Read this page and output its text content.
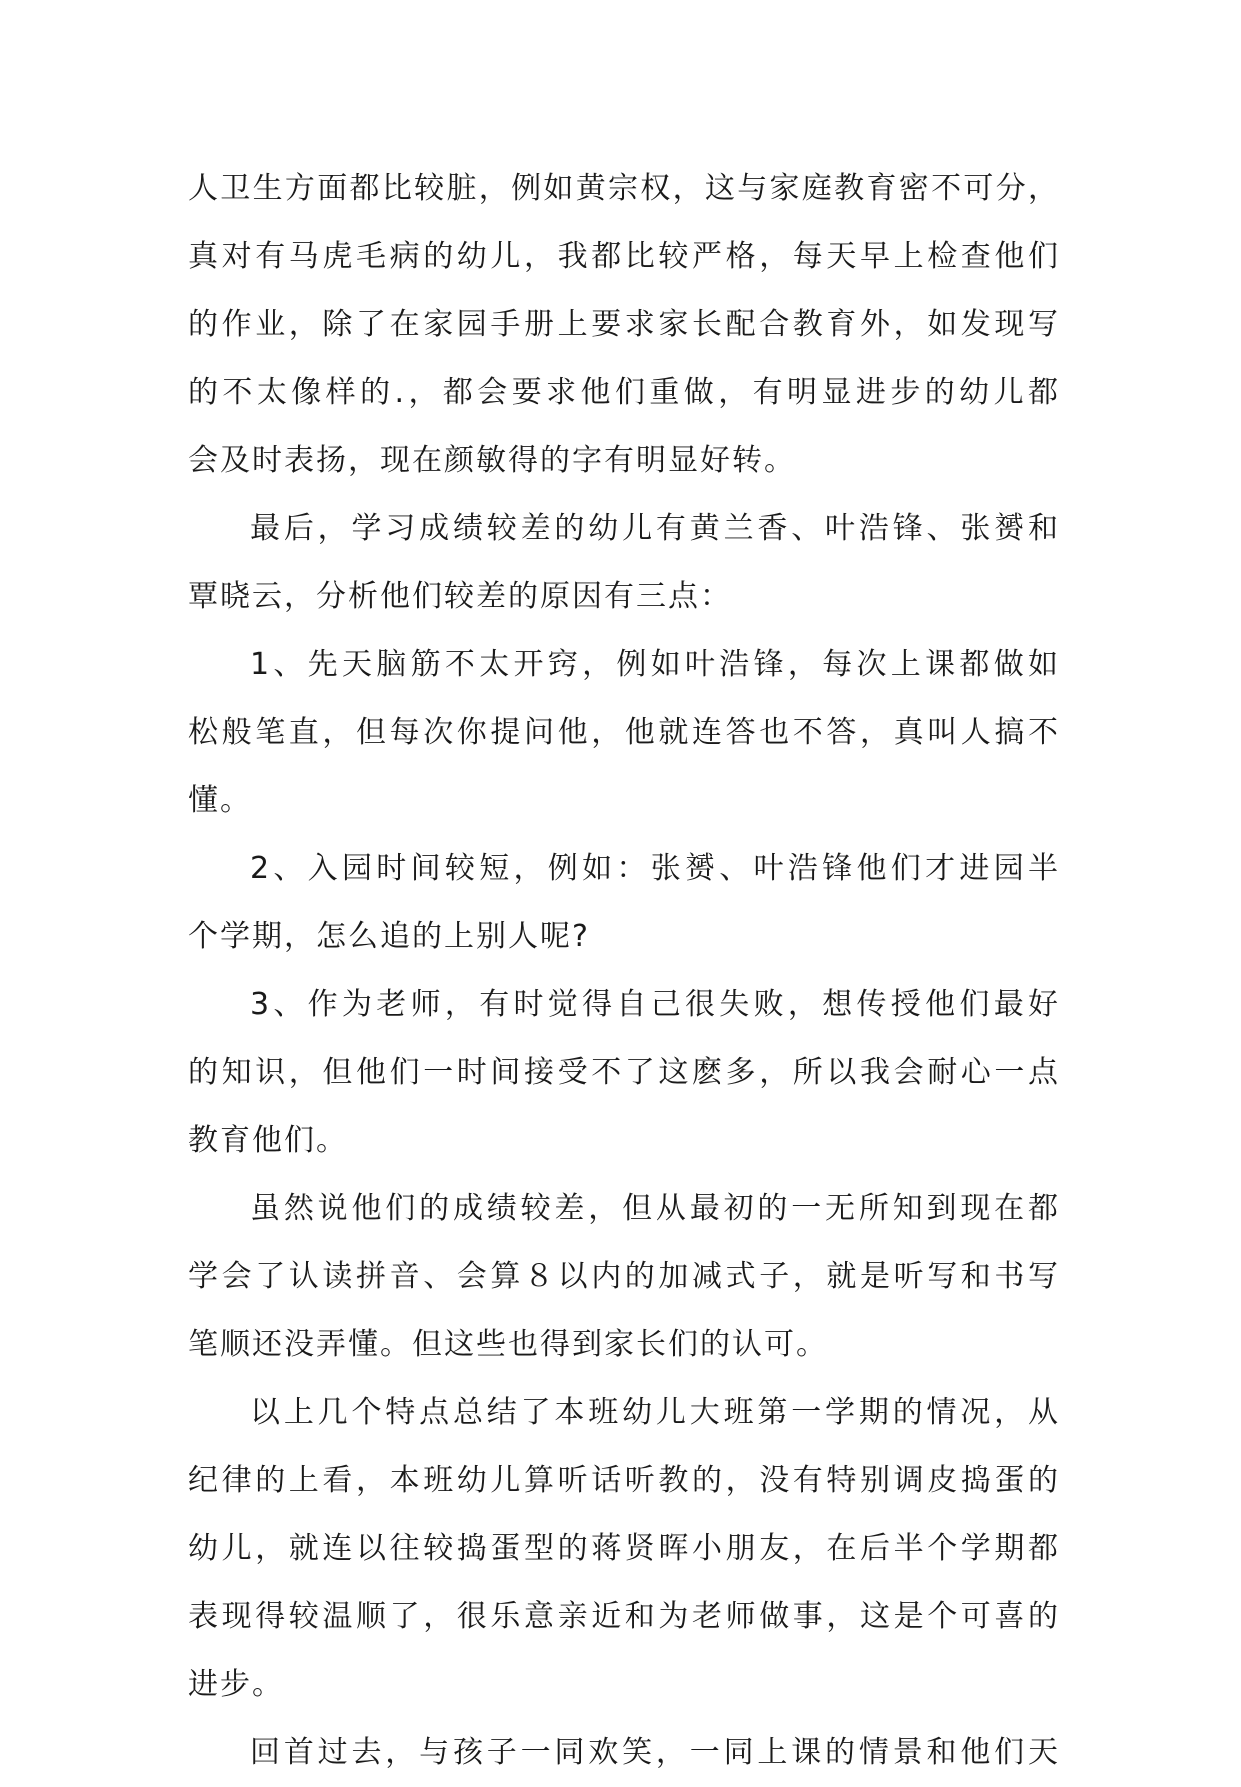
人卫生方面都比较脏，例如黄宗权，这与家庭教育密不可分，
真对有马虎毛病的幼儿，我都比较严格，每天早上检查他们
的作业，除了在家园手册上要求家长配合教育外，如发现写
的不太像样的.，都会要求他们重做，有明显进步的幼儿都
会及时表扬，现在颜敏得的字有明显好转。
最后，学习成绩较差的幼儿有黄兰香、叶浩锋、张赟和
覃晓云，分析他们较差的原因有三点：
1、先天脑筋不太开窍，例如叶浩锋，每次上课都做如
松般笔直，但每次你提问他，他就连答也不答，真叫人搞不
懂。
2、入园时间较短，例如：张赟、叶浩锋他们才进园半
个学期，怎么追的上别人呢?
3、作为老师，有时觉得自己很失败，想传授他们最好
的知识，但他们一时间接受不了这麽多，所以我会耐心一点
教育他们。
虽然说他们的成绩较差，但从最初的一无所知到现在都
学会了认读拼音、会算８以内的加减式子，就是听写和书写
笔顺还没弄懂。但这些也得到家长们的认可。
以上几个特点总结了本班幼儿大班第一学期的情况，从
纪律的上看，本班幼儿算听话听教的，没有特别调皮捣蛋的
幼儿，就连以往较捣蛋型的蒋贤晖小朋友，在后半个学期都
表现得较温顺了，很乐意亲近和为老师做事，这是个可喜的
进步。
回首过去，与孩子一同欢笑，一同上课的情景和他们天
